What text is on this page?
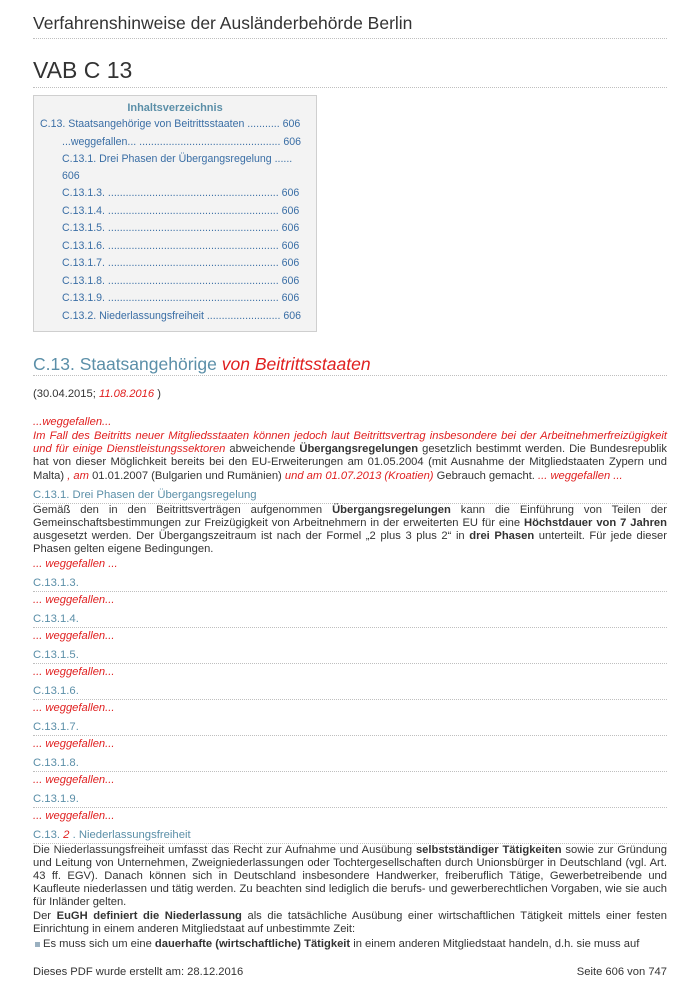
Verfahrenshinweise der Ausländerbehörde Berlin
VAB C 13
Inhaltsverzeichnis
C.13. Staatsangehörige von Beitrittsstaaten ........... 606
...weggefallen... ................................................ 606
C.13.1. Drei Phasen der Übergangsregelung ...... 606
C.13.1.3. .......................................................... 606
C.13.1.4. .......................................................... 606
C.13.1.5. .......................................................... 606
C.13.1.6. .......................................................... 606
C.13.1.7. .......................................................... 606
C.13.1.8. .......................................................... 606
C.13.1.9. .......................................................... 606
C.13.2. Niederlassungsfreiheit ......................... 606
C.13. Staatsangehörige von Beitrittsstaaten
(30.04.2015; 11.08.2016 )
...weggefallen...
Im Fall des Beitritts neuer Mitgliedsstaaten können jedoch laut Beitrittsvertrag insbesondere bei der Arbeitnehmerfreizügigkeit und für einige Dienstleistungssektoren abweichende Übergangsregelungen gesetzlich bestimmt werden. Die Bundesrepublik hat von dieser Möglichkeit bereits bei den EU-Erweiterungen am 01.05.2004 (mit Ausnahme der Mitgliedstaaten Zypern und Malta) , am 01.01.2007 (Bulgarien und Rumänien) und am 01.07.2013 (Kroatien) Gebrauch gemacht. ... weggefallen ...
C.13.1. Drei Phasen der Übergangsregelung
Gemäß den in den Beitrittsverträgen aufgenommen Übergangsregelungen kann die Einführung von Teilen der Gemeinschaftsbestimmungen zur Freizügigkeit von Arbeitnehmern in der erweiterten EU für eine Höchstdauer von 7 Jahren ausgesetzt werden. Der Übergangszeitraum ist nach der Formel „2 plus 3 plus 2“ in drei Phasen unterteilt. Für jede dieser Phasen gelten eigene Bedingungen.
... weggefallen ...
C.13.1.3.
... weggefallen...
C.13.1.4.
... weggefallen...
C.13.1.5.
... weggefallen...
C.13.1.6.
... weggefallen...
C.13.1.7.
... weggefallen...
C.13.1.8.
... weggefallen...
C.13.1.9.
... weggefallen...
C.13. 2 . Niederlassungsfreiheit
Die Niederlassungsfreiheit umfasst das Recht zur Aufnahme und Ausübung selbstständiger Tätigkeiten sowie zur Gründung und Leitung von Unternehmen, Zweigniederlassungen oder Tochtergesellschaften durch Unionsbürger in Deutschland (vgl. Art. 43 ff. EGV). Danach können sich in Deutschland insbesondere Handwerker, freiberuflich Tätige, Gewerbetreibende und Kaufleute niederlassen und tätig werden. Zu beachten sind lediglich die berufs- und gewerberechtlichen Vorgaben, wie sie auch für Inländer gelten.
Der EuGH definiert die Niederlassung als die tatsächliche Ausübung einer wirtschaftlichen Tätigkeit mittels einer festen Einrichtung in einem anderen Mitgliedstaat auf unbestimmte Zeit:
Es muss sich um eine dauerhafte (wirtschaftliche) Tätigkeit in einem anderen Mitgliedstaat handeln, d.h. sie muss auf
Dieses PDF wurde erstellt am: 28.12.2016	Seite 606 von 747
